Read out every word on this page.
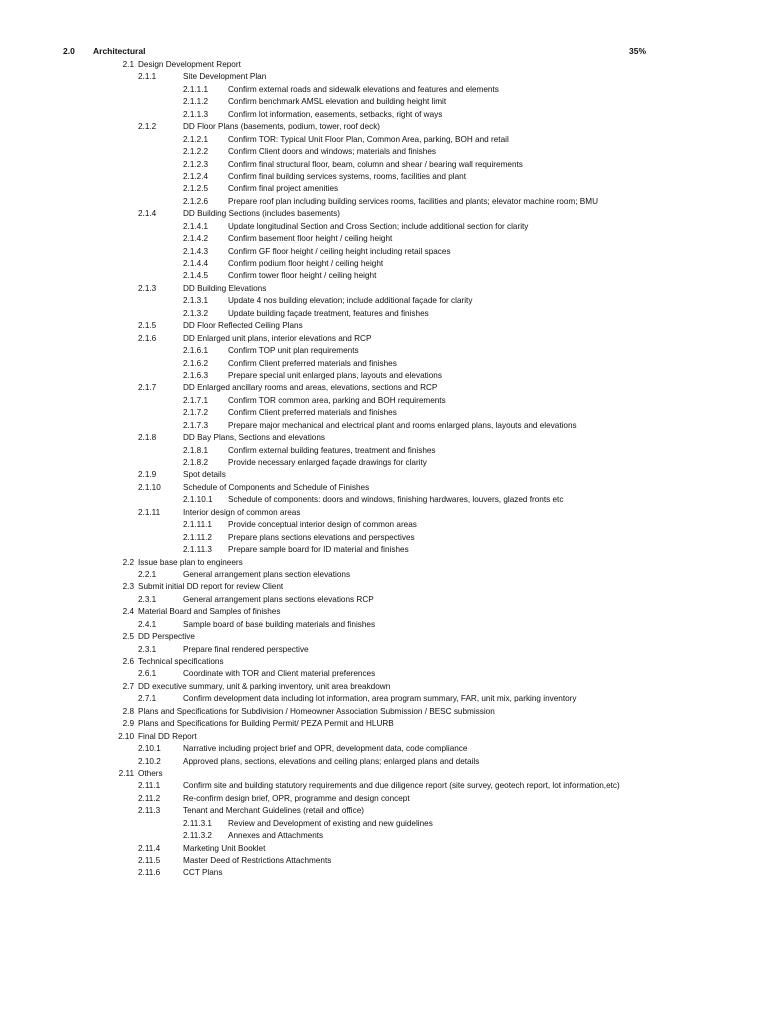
2.0 Architectural	35%
2.1 Design Development Report
2.1.1	Site Development Plan
2.1.1.1 Confirm external roads and sidewalk elevations and features and elements
2.1.1.2 Confirm benchmark AMSL elevation and building height limit
2.1.1.3 Confirm lot information, easements, setbacks, right of ways
2.1.2	DD Floor Plans (basements, podium, tower, roof deck)
2.1.2.1 Confirm TOR: Typical Unit Floor Plan, Common Area, parking, BOH and retail
2.1.2.2 Confirm Client doors and windows; materials and finishes
2.1.2.3 Confirm final structural floor, beam, column and shear / bearing wall requirements
2.1.2.4 Confirm final building services systems, rooms, facilities and plant
2.1.2.5 Confirm final project amenities
2.1.2.6 Prepare roof plan including building services rooms, facilities and plants; elevator machine room; BMU
2.1.4	DD Building Sections (includes basements)
2.1.4.1 Update longitudinal Section and Cross Section; include additional section for clarity
2.1.4.2 Confirm basement floor height / ceiling height
2.1.4.3 Confirm GF floor height / ceiling height including retail spaces
2.1.4.4 Confirm podium floor height / ceiling height
2.1.4.5 Confirm tower floor height / ceiling height
2.1.3	DD Building Elevations
2.1.3.1 Update 4 nos building elevation; include additional façade for clarity
2.1.3.2 Update building façade treatment, features and finishes
2.1.5	DD Floor Reflected Ceiling Plans
2.1.6	DD Enlarged unit plans, interior elevations and RCP
2.1.6.1 Confirm TOP unit plan requirements
2.1.6.2 Confirm Client preferred materials and finishes
2.1.6.3 Prepare special unit enlarged plans, layouts and elevations
2.1.7	DD Enlarged ancillary rooms and areas, elevations, sections and RCP
2.1.7.1 Confirm TOR common area, parking and BOH requirements
2.1.7.2 Confirm Client preferred materials and finishes
2.1.7.3 Prepare major mechanical and electrical plant and rooms enlarged plans, layouts and elevations
2.1.8	DD Bay Plans, Sections and elevations
2.1.8.1 Confirm external building features, treatment and finishes
2.1.8.2 Provide necessary enlarged façade drawings for clarity
2.1.9	Spot details
2.1.10	Schedule of Components and Schedule of Finishes
2.1.10.1 Schedule of components: doors and windows, finishing hardwares, louvers, glazed fronts etc
2.1.11	Interior design of common areas
2.1.11.1 Provide conceptual interior design of common areas
2.1.11.2 Prepare plans sections elevations and perspectives
2.1.11.3 Prepare sample board for ID material and finishes
2.2 Issue base plan to engineers
2.2.1	General arrangement plans section elevations
2.3 Submit initial DD report for review Client
2.3.1	General arrangement plans sections elevations RCP
2.4 Material Board and Samples of finishes
2.4.1	Sample board of base building materials and finishes
2.5 DD Perspective
2.3.1	Prepare final rendered perspective
2.6 Technical specifications
2.6.1	Coordinate with TOR and Client material preferences
2.7 DD executive summary, unit & parking inventory, unit area breakdown
2.7.1	Confirm development data including lot information, area program summary, FAR, unit mix, parking inventory
2.8 Plans and Specifications for Subdivision / Homeowner Association Submission / BESC submission
2.9 Plans and Specifications for Building Permit/ PEZA Permit and HLURB
2.10 Final DD Report
2.10.1	Narrative including project brief and OPR, development data, code compliance
2.10.2	Approved plans, sections, elevations and ceiling plans; enlarged plans and details
2.11 Others
2.11.1	Confirm site and building statutory requirements and due diligence report (site survey, geotech report, lot information,etc)
2.11.2	Re-confirm design brief, OPR, programme and design concept
2.11.3	Tenant and Merchant Guidelines (retail and office)
2.11.3.1 Review and Development of existing and new guidelines
2.11.3.2 Annexes and Attachments
2.11.4	Marketing Unit Booklet
2.11.5	Master Deed of Restrictions Attachments
2.11.6	CCT Plans
